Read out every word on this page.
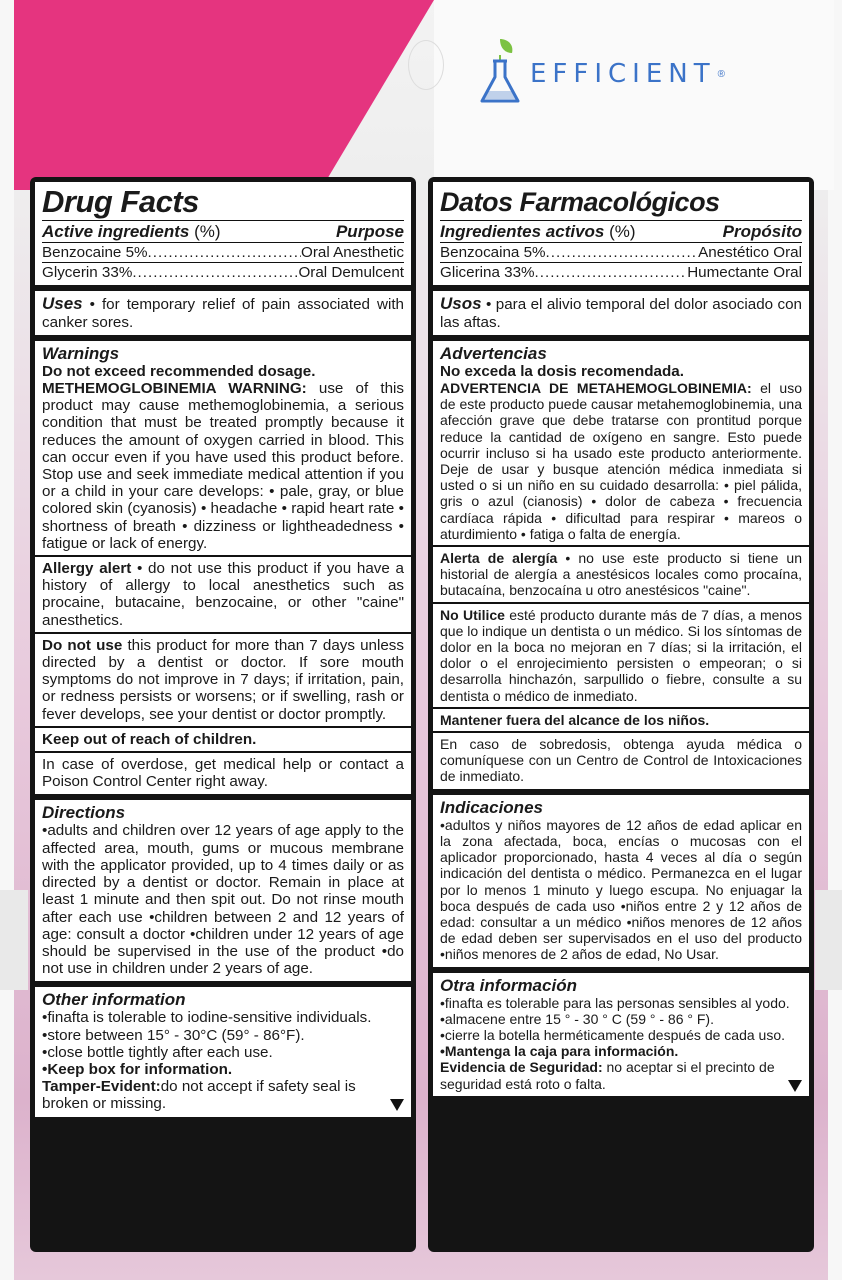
EFFICIENT ®
Drug Facts
Active ingredients (%)	Purpose
Benzocaine 5% .....	Oral Anesthetic
Glycerin 33% .....	Oral Demulcent

Uses • for temporary relief of pain associated with canker sores.

Warnings

Do not exceed recommended dosage.

METHEMOGLOBINEMIA WARNING: use of this product may cause methemoglobinemia, a serious condition that must be treated promptly because it reduces the amount of oxygen carried in blood. This can occur even if you have used this product before. Stop use and seek immediate medical attention if you or a child in your care develops: • pale, gray, or blue colored skin (cyanosis) • headache • rapid heart rate • shortness of breath • dizziness or lightheadedness • fatigue or lack of energy.

Allergy alert • do not use this product if you have a history of allergy to local anesthetics such as procaine, butacaine, benzocaine, or other "caine" anesthetics.

Do not use this product for more than 7 days unless directed by a dentist or doctor. If sore mouth symptoms do not improve in 7 days; if irritation, pain, or redness persists or worsens; or if swelling, rash or fever develops, see your dentist or doctor promptly.

Keep out of reach of children.

In case of overdose, get medical help or contact a Poison Control Center right away.

Directions

•adults and children over 12 years of age apply to the affected area, mouth, gums or mucous membrane with the applicator provided, up to 4 times daily or as directed by a dentist or doctor. Remain in place at least 1 minute and then spit out. Do not rinse mouth after each use •children between 2 and 12 years of age: consult a doctor •children under 12 years of age should be supervised in the use of the product •do not use in children under 2 years of age.

Other information

•finafta is tolerable to iodine-sensitive individuals.

•store between 15° - 30°C (59° - 86°F).

•close bottle tightly after each use.

•Keep box for information.

Tamper-Evident:do not accept if safety seal is broken or missing.

Datos Farmacológicos
Ingredientes activos (%)	Propósito
Benzocaina 5% .....	Anestético Oral
Glicerina 33% .....	Humectante Oral

Usos • para el alivio temporal del dolor asociado con las aftas.

Advertencias

No exceda la dosis recomendada.

ADVERTENCIA DE METAHEMOGLOBINEMIA: el uso de este producto puede causar metahemoglobinemia, una afección grave que debe tratarse con prontitud porque reduce la cantidad de oxígeno en sangre. Esto puede ocurrir incluso si ha usado este producto anteriormente. Deje de usar y busque atención médica inmediata si usted o si un niño en su cuidado desarrolla: • piel pálida, gris o azul (cianosis) • dolor de cabeza • frecuencia cardíaca rápida • dificultad para respirar • mareos o aturdimiento • fatiga o falta de energía.

Alerta de alergía • no use este producto si tiene un historial de alergía a anestésicos locales como procaína, butacaína, benzocaína u otro anestésicos "caine".

No Utilice esté producto durante más de 7 días, a menos que lo indique un dentista o un médico. Si los síntomas de dolor en la boca no mejoran en 7 días; si la irritación, el dolor o el enrojecimiento persisten o empeoran; o si desarrolla hinchazón, sarpullido o fiebre, consulte a su dentista o médico de inmediato.

Mantener fuera del alcance de los niños.

En caso de sobredosis, obtenga ayuda médica o comuníquese con un Centro de Control de Intoxicaciones de inmediato.

Indicaciones

•adultos y niños mayores de 12 años de edad aplicar en la zona afectada, boca, encías o mucosas con el aplicador proporcionado, hasta 4 veces al día o según indicación del dentista o médico. Permanezca en el lugar por lo menos 1 minuto y luego escupa. No enjuagar la boca después de cada uso •niños entre 2 y 12 años de edad: consultar a un médico •niños menores de 12 años de edad deben ser supervisados en el uso del producto •niños menores de 2 años de edad, No Usar.

Otra información

•finafta es tolerable para las personas sensibles al yodo.

•almacene entre 15 ° - 30 ° C (59 ° - 86 ° F).

•cierre la botella herméticamente después de cada uso.

•Mantenga la caja para información.

Evidencia de Seguridad: no aceptar si el precinto de seguridad está roto o falta.
